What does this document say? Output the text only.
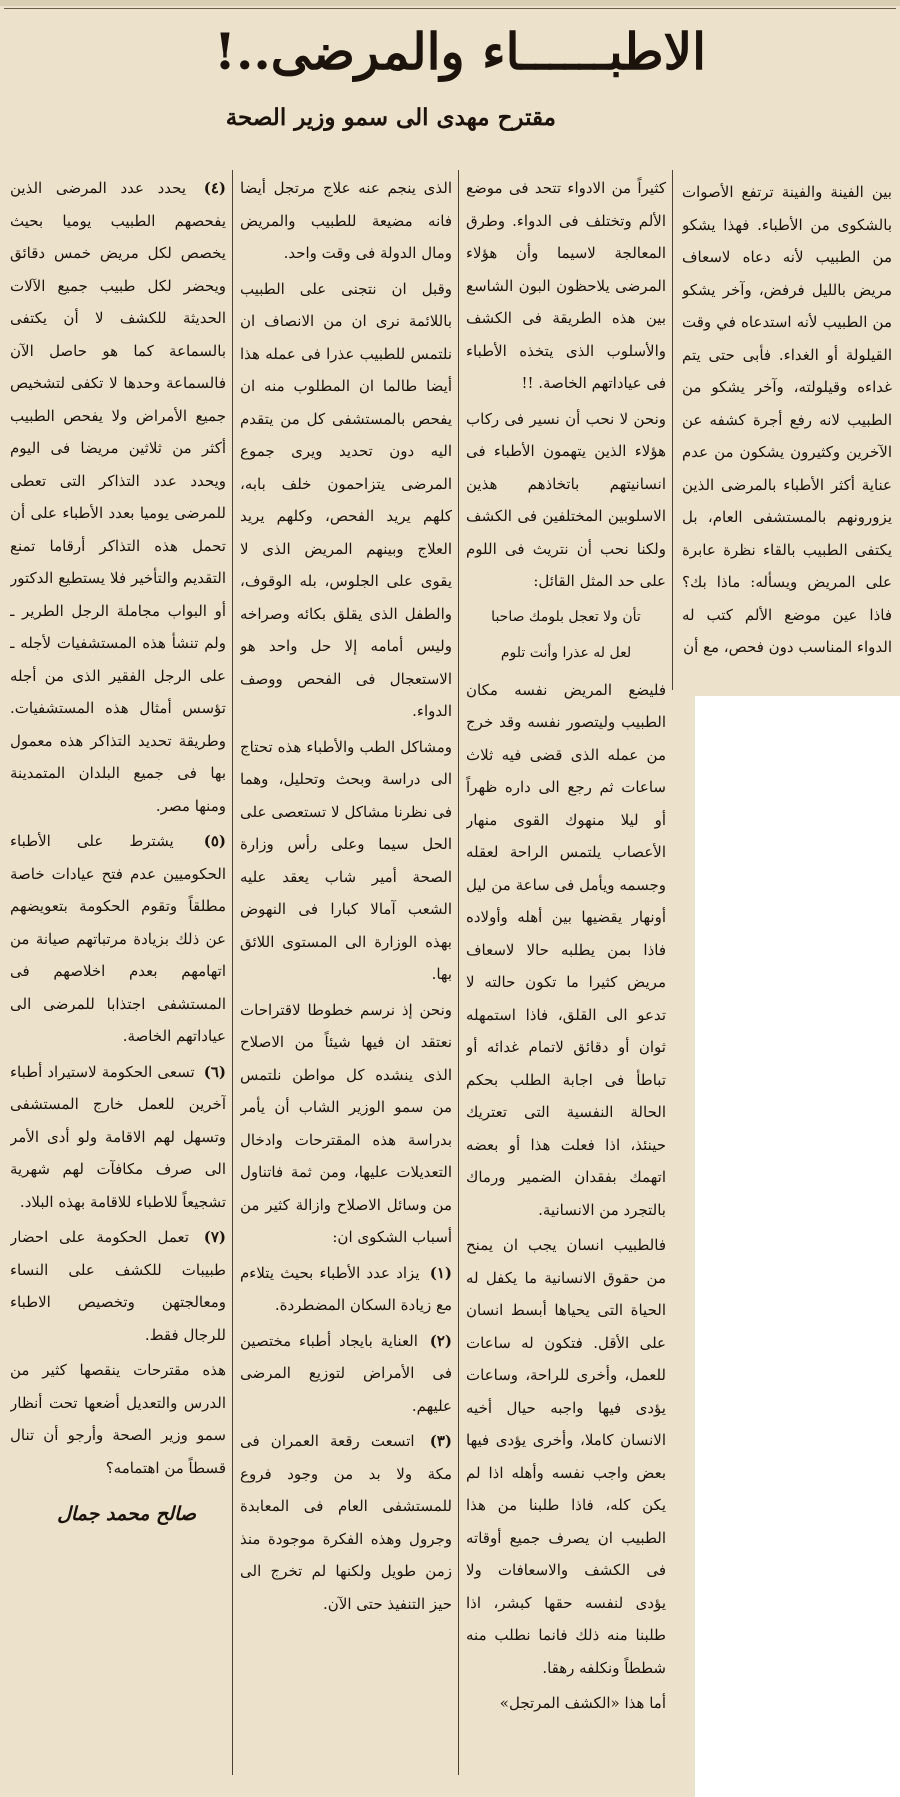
الاطبــــــاء والمرضى..!
مقترح مهدى الى سمو وزير الصحة

بين الفينة والفينة ترتفع الأصوات بالشكوى من الأطباء. فهذا يشكو من الطبيب لأنه دعاه لاسعاف مريض بالليل فرفض، وآخر يشكو من الطبيب لأنه استدعاه في وقت القيلولة أو الغداء. فأبى حتى يتم غداءه وقيلولته، وآخر يشكو من الطبيب لانه رفع أجرة كشفه عن الآخرين وكثيرون يشكون من عدم عناية أكثر الأطباء بالمرضى الذين يزورونهم بالمستشفى العام، بل يكتفى الطبيب بالقاء نظرة عابرة على المريض ويسأله: ماذا بك؟ فاذا عين موضع الألم كتب له الدواء المناسب دون فحص، مع أن

كثيراً من الادواء تتحد فى موضع الألم وتختلف فى الدواء. وطرق المعالجة لاسيما وأن هؤلاء المرضى يلاحظون البون الشاسع بين هذه الطريقة فى الكشف والأسلوب الذى يتخذه الأطباء فى عياداتهم الخاصة. !!

ونحن لا نحب أن نسير فى ركاب هؤلاء الذين يتهمون الأطباء فى انسانيتهم باتخاذهم هذين الاسلوبين المختلفين فى الكشف ولكنا نحب أن نتريث فى اللوم على حد المثل القائل:

تأن ولا تعجل بلومك صاحبا
لعل له عذرا وأنت تلوم

فليضع المريض نفسه مكان الطبيب وليتصور نفسه وقد خرج من عمله الذى قضى فيه ثلاث ساعات ثم رجع الى داره ظهراً أو ليلا منهوك القوى منهار الأعصاب يلتمس الراحة لعقله وجسمه ويأمل فى ساعة من ليل أونهار يقضيها بين أهله وأولاده فاذا بمن يطلبه حالا لاسعاف مريض كثيرا ما تكون حالته لا تدعو الى القلق، فاذا استمهله ثوان أو دقائق لاتمام غدائه أو تباطأ فى اجابة الطلب بحكم الحالة النفسية التى تعتريك حينئذ، اذا فعلت هذا أو بعضه اتهمك بفقدان الضمير ورماك بالتجرد من الانسانية.

فالطبيب انسان يجب ان يمنح من حقوق الانسانية ما يكفل له الحياة التى يحياها أبسط انسان على الأقل. فتكون له ساعات للعمل، وأخرى للراحة، وساعات يؤدى فيها واجبه حيال أخيه الانسان كاملا، وأخرى يؤدى فيها بعض واجب نفسه وأهله اذا لم يكن كله، فاذا طلبنا من هذا الطبيب ان يصرف جميع أوقاته فى الكشف والاسعافات ولا يؤدى لنفسه حقها كبشر، اذا طلبنا منه ذلك فانما نطلب منه شططاً ونكلفه رهقا.

أما هذا «الكشف المرتجل»

الذى ينجم عنه علاج مرتجل أيضا فانه مضيعة للطبيب والمريض ومال الدولة فى وقت واحد.

وقبل ان نتجنى على الطبيب باللائمة نرى ان من الانصاف ان نلتمس للطبيب عذرا فى عمله هذا أيضا طالما ان المطلوب منه ان يفحص بالمستشفى كل من يتقدم اليه دون تحديد ويرى جموع المرضى يتزاحمون خلف بابه، كلهم يريد الفحص، وكلهم يريد العلاج وبينهم المريض الذى لا يقوى على الجلوس، بله الوقوف، والطفل الذى يقلق بكائه وصراخه وليس أمامه إلا حل واحد هو الاستعجال فى الفحص ووصف الدواء.

ومشاكل الطب والأطباء هذه تحتاج الى دراسة وبحث وتحليل، وهما فى نظرنا مشاكل لا تستعصى على الحل سيما وعلى رأس وزارة الصحة أمير شاب يعقد عليه الشعب آمالا كبارا فى النهوض بهذه الوزارة الى المستوى اللائق بها.

ونحن إذ نرسم خطوطا لاقتراحات نعتقد ان فيها شيئاً من الاصلاح الذى ينشده كل مواطن نلتمس من سمو الوزير الشاب أن يأمر بدراسة هذه المقترحات وادخال التعديلات عليها، ومن ثمة فاتناول من وسائل الاصلاح وازالة كثير من أسباب الشكوى ان:

(١) يزاد عدد الأطباء بحيث يتلاءم مع زيادة السكان المضطردة.

(٢) العناية بايجاد أطباء مختصين فى الأمراض لتوزيع المرضى عليهم.

(٣) اتسعت رقعة العمران فى مكة ولا بد من وجود فروع للمستشفى العام فى المعابدة وجرول وهذه الفكرة موجودة منذ زمن طويل ولكنها لم تخرج الى حيز التنفيذ حتى الآن.

(٤) يحدد عدد المرضى الذين يفحصهم الطبيب يوميا بحيث يخصص لكل مريض خمس دقائق ويحضر لكل طبيب جميع الآلات الحديثة للكشف لا أن يكتفى بالسماعة كما هو حاصل الآن فالسماعة وحدها لا تكفى لتشخيص جميع الأمراض ولا يفحص الطبيب أكثر من ثلاثين مريضا فى اليوم ويحدد عدد التذاكر التى تعطى للمرضى يوميا بعدد الأطباء على أن تحمل هذه التذاكر أرقاما تمنع التقديم والتأخير فلا يستطيع الدكتور أو البواب مجاملة الرجل الطرير ـ ولم تنشأ هذه المستشفيات لأجله ـ على الرجل الفقير الذى من أجله تؤسس أمثال هذه المستشفيات. وطريقة تحديد التذاكر هذه معمول بها فى جميع البلدان المتمدينة ومنها مصر.

(٥) يشترط على الأطباء الحكوميين عدم فتح عيادات خاصة مطلقاً وتقوم الحكومة بتعويضهم عن ذلك بزيادة مرتباتهم صيانة من اتهامهم بعدم اخلاصهم فى المستشفى اجتذابا للمرضى الى عياداتهم الخاصة.

(٦) تسعى الحكومة لاستيراد أطباء آخرين للعمل خارج المستشفى وتسهل لهم الاقامة ولو أدى الأمر الى صرف مكافآت لهم شهرية تشجيعاً للاطباء للاقامة بهذه البلاد.

(٧) تعمل الحكومة على احضار طبيبات للكشف على النساء ومعالجتهن وتخصيص الاطباء للرجال فقط.

هذه مقترحات ينقصها كثير من الدرس والتعديل أضعها تحت أنظار سمو وزير الصحة وأرجو أن تنال قسطاً من اهتمامه؟

صالح محمد جمال
